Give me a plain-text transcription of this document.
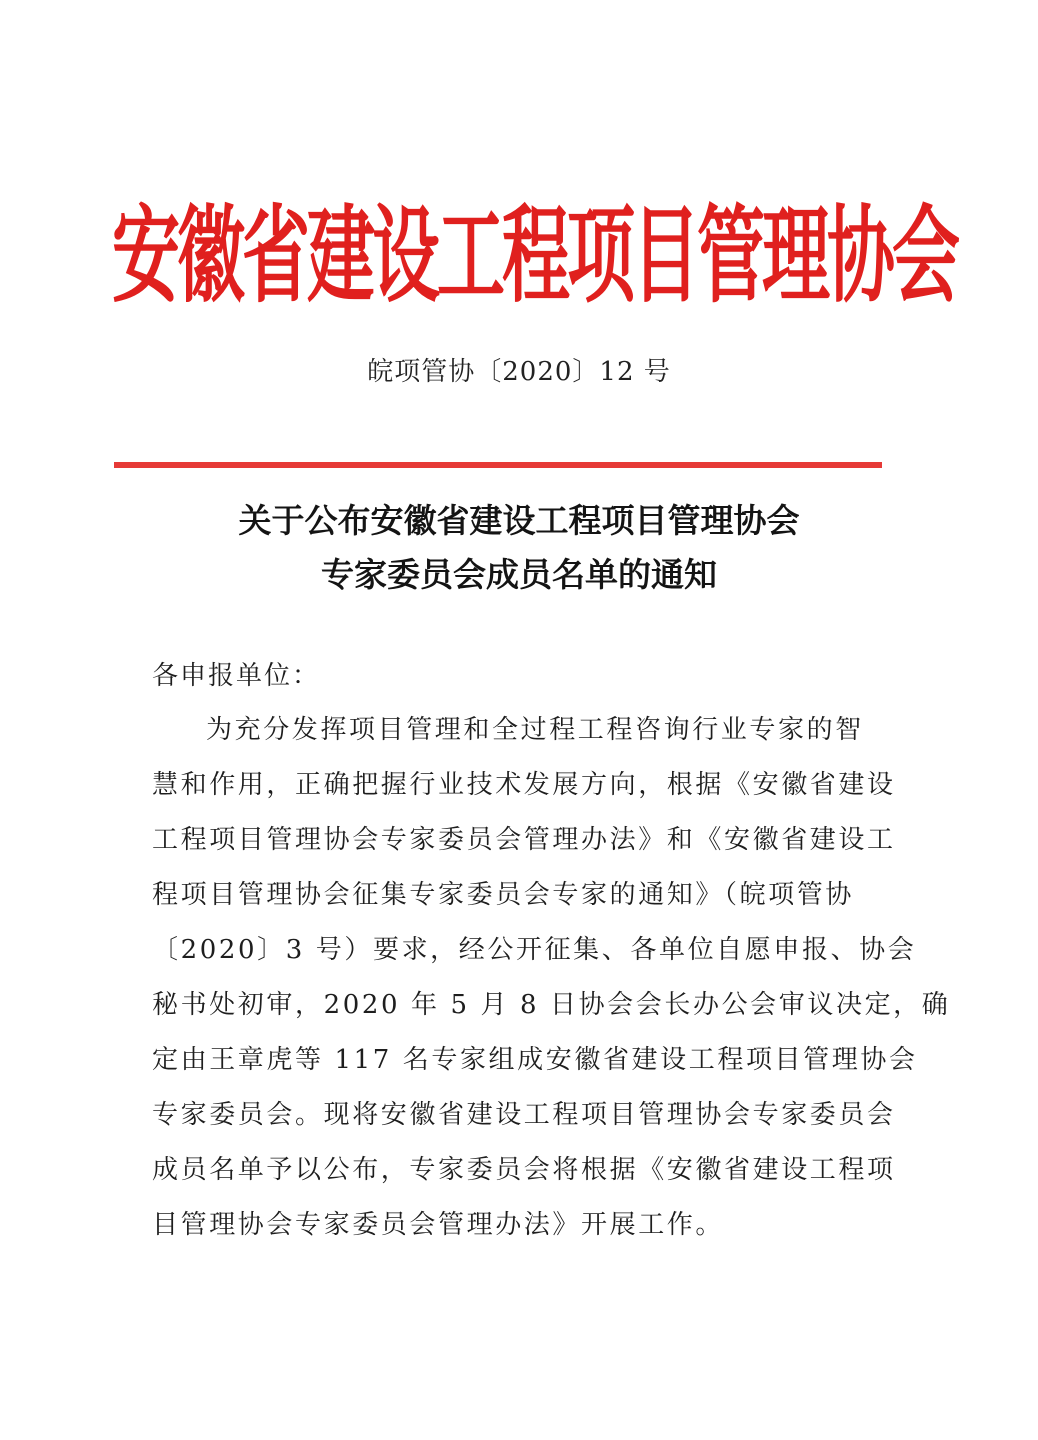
安徽省建设工程项目管理协会
皖项管协〔2020〕12 号
关于公布安徽省建设工程项目管理协会
专家委员会成员名单的通知
各申报单位：
为充分发挥项目管理和全过程工程咨询行业专家的智
慧和作用，正确把握行业技术发展方向，根据《安徽省建设
工程项目管理协会专家委员会管理办法》和《安徽省建设工
程项目管理协会征集专家委员会专家的通知》（皖项管协
〔2020〕3 号）要求，经公开征集、各单位自愿申报、协会
秘书处初审，2020 年 5 月 8 日协会会长办公会审议决定，确
定由王章虎等 117 名专家组成安徽省建设工程项目管理协会
专家委员会。现将安徽省建设工程项目管理协会专家委员会
成员名单予以公布，专家委员会将根据《安徽省建设工程项
目管理协会专家委员会管理办法》开展工作。
